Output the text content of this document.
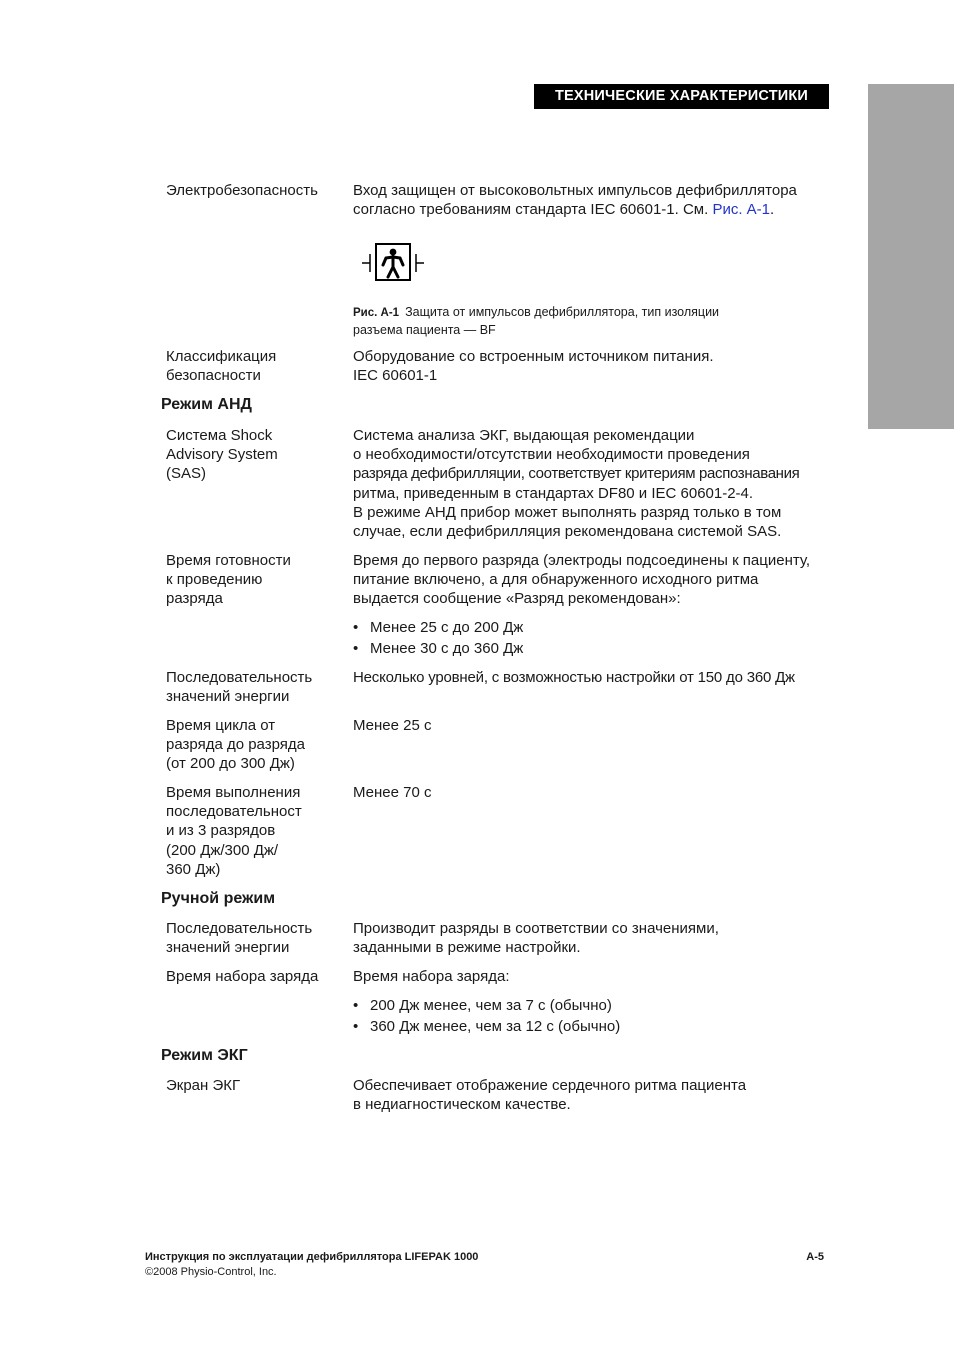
ТЕХНИЧЕСКИЕ ХАРАКТЕРИСТИКИ
Электробезопасность Вход защищен от высоковольтных импульсов дефибриллятора
согласно требованиям стандарта IEC 60601-1. См. Рис. А-1.
Рис. А-1 Защита от импульсов дефибриллятора, тип изоляции
разъема пациента — BF
Классификация
безопасности
Оборудование со встроенным источником питания.
IEC 60601-1
Режим АНД
Система Shock
Advisory System
(SAS)
Система анализа ЭКГ, выдающая рекомендации
о необходимости/отсутствии необходимости проведения
разряда дефибрилляции, соответствует критериям распознавания
ритма, приведенным в стандартах DF80 и IEC 60601-2-4.
В режиме АНД прибор может выполнять разряд только в том
случае, если дефибрилляция рекомендована системой SAS.
Время готовности
к проведению
разряда
Время до первого разряда (электроды подсоединены к пациенту,
питание включено, а для обнаруженного исходного ритма
выдается сообщение «Разряд рекомендован»:
• Менее 25 с до 200 Дж
• Менее 30 с до 360 Дж
Последовательность
значений энергии
Несколько уровней, с возможностью настройки от 150 до 360 Дж
Время цикла от
разряда до разряда
(от 200 до 300 Дж)
Менее 25 с
Время выполнения
последовательност
и из 3 разрядов
(200 Дж/300 Дж/
360 Дж)
Менее 70 с
Ручной режим
Последовательность
значений энергии
Производит разряды в соответствии со значениями,
заданными в режиме настройки.
Время набора заряда Время набора заряда:
• 200 Дж менее, чем за 7 с (обычно)
• 360 Дж менее, чем за 12 с (обычно)
Режим ЭКГ
Экран ЭКГ	Обеспечивает отображение сердечного ритма пациента
в недиагностическом качестве.
Инструкция по эксплуатации дефибриллятора LIFEPAK 1000
©2008 Physio-Control, Inc.
A-5
